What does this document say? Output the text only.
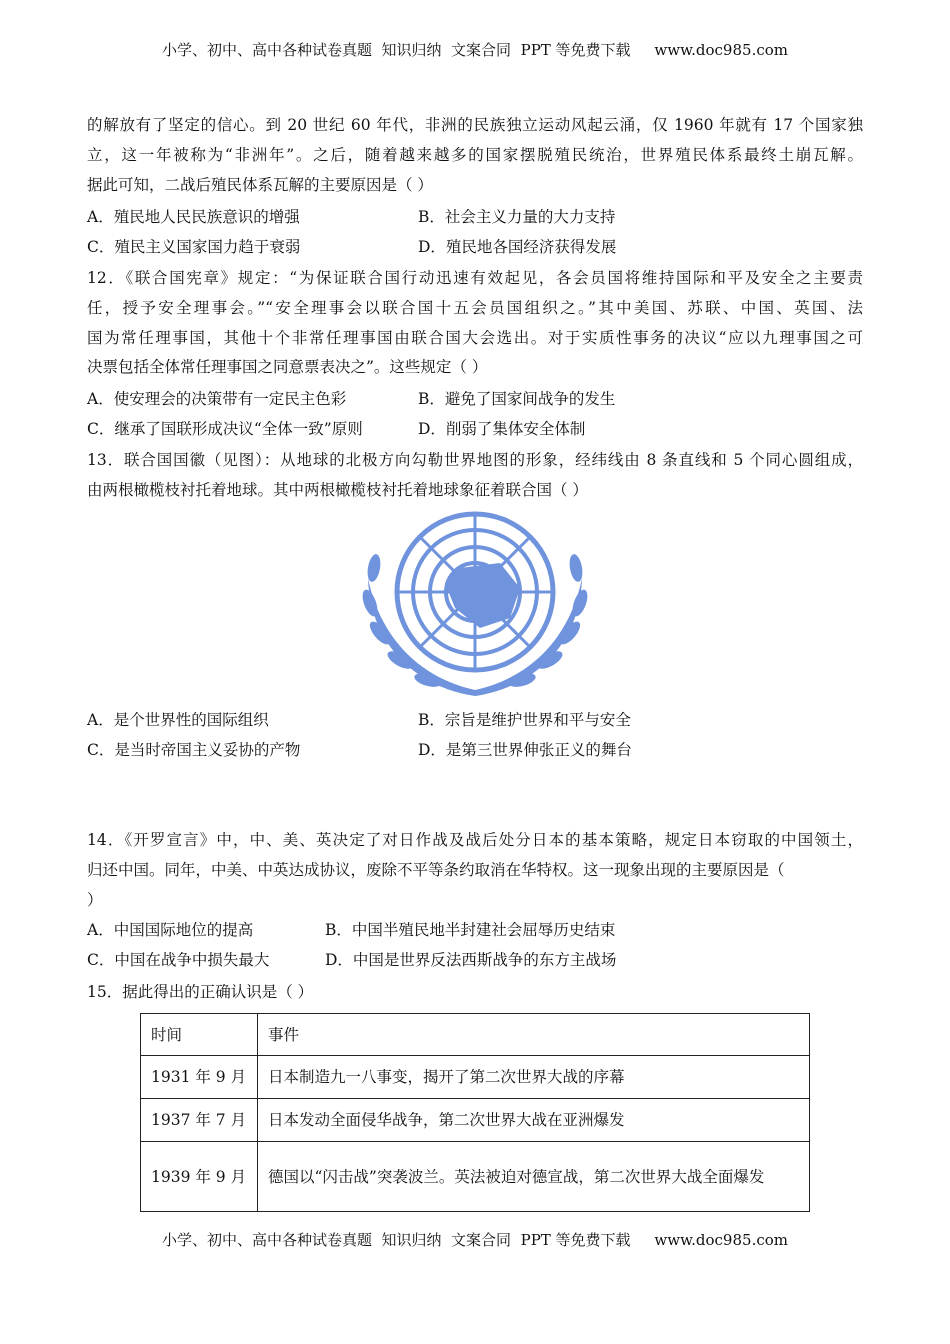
小学、初中、高中各种试卷真题  知识归纳  文案合同  PPT 等免费下载     www.doc985.com
的解放有了坚定的信心。到 20 世纪 60 年代，非洲的民族独立运动风起云涌，仅 1960 年就有 17 个国家独
立，这一年被称为“非洲年”。之后，随着越来越多的国家摆脱殖民统治，世界殖民体系最终土崩瓦解。
据此可知，二战后殖民体系瓦解的主要原因是（ ）
A．殖民地人民民族意识的增强	B．社会主义力量的大力支持
C．殖民主义国家国力趋于衰弱	D．殖民地各国经济获得发展
12．《联合国宪章》规定：“为保证联合国行动迅速有效起见，各会员国将维持国际和平及安全之主要责
任，授予安全理事会。”“安全理事会以联合国十五会员国组织之。”其中美国、苏联、中国、英国、法
国为常任理事国，其他十个非常任理事国由联合国大会选出。对于实质性事务的决议“应以九理事国之可
决票包括全体常任理事国之同意票表决之”。这些规定（ ）
A．使安理会的决策带有一定民主色彩	B．避免了国家间战争的发生
C．继承了国联形成决议“全体一致”原则	D．削弱了集体安全体制
13．联合国国徽（见图）：从地球的北极方向勾勒世界地图的形象，经纬线由 8 条直线和 5 个同心圆组成，
由两根橄榄枝衬托着地球。其中两根橄榄枝衬托着地球象征着联合国（ ）
A．是个世界性的国际组织	B．宗旨是维护世界和平与安全
C．是当时帝国主义妥协的产物	D．是第三世界伸张正义的舞台
14．《开罗宣言》中，中、美、英决定了对日作战及战后处分日本的基本策略，规定日本窃取的中国领土，
归还中国。同年，中美、中英达成协议，废除不平等条约取消在华特权。这一现象出现的主要原因是（
）
A．中国国际地位的提高	B．中国半殖民地半封建社会屈辱历史结束
C．中国在战争中损失最大	D．中国是世界反法西斯战争的东方主战场
15．据此得出的正确认识是（ ）
时间	事件
1931 年 9 月	日本制造九一八事变，揭开了第二次世界大战的序幕
1937 年 7 月	日本发动全面侵华战争，第二次世界大战在亚洲爆发
1939 年 9 月	德国以“闪击战”突袭波兰。英法被迫对德宣战，第二次世界大战全面爆发
小学、初中、高中各种试卷真题  知识归纳  文案合同  PPT 等免费下载     www.doc985.com
